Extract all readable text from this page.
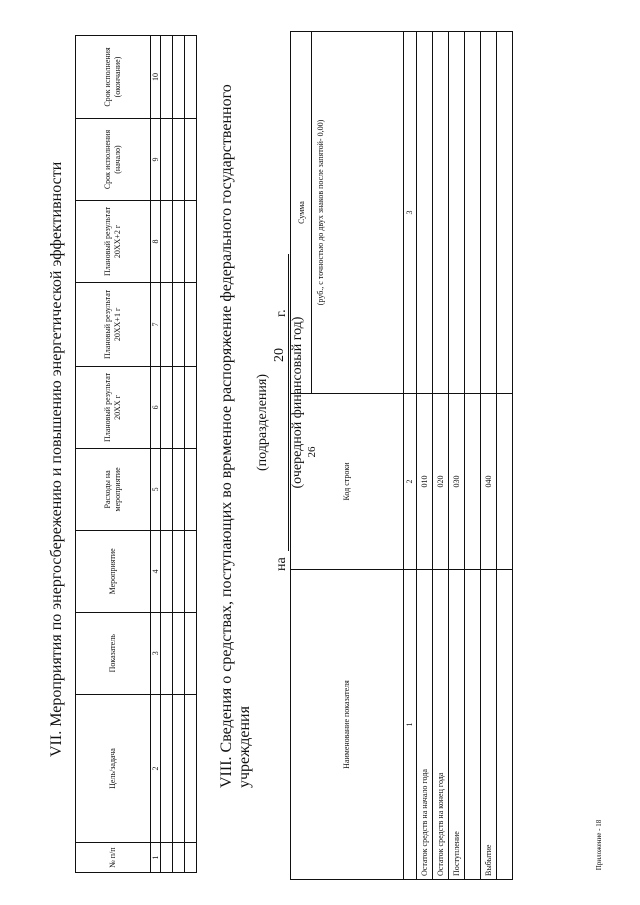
26
Приложение - 18
VII. Мероприятия по энергосбережению и повышению энергетической эффективности
№ п/п	Цель/задача	Показатель	Мероприятие	Расходы на мероприятие	Плановый результат 20XX г	Плановый результат 20XX+1 г	Плановый результат 20XX+2 г	Срок исполнения (начало)	Срок исполнения (окончание)
1	2	3	4	5	6	7	8	9	10

VIII. Сведения о средствах, поступающих во временное распоряжение федерального государственного учреждения
(подразделения)
на
20
г.
(очередной финансовый год)
Наименование показателя	Код строки	Сумма (руб., с точностью до двух знаков после запятой- 0,00)

1	2	3
Остаток средств на начало года	010	
Остаток средств на конец года	020	
Поступление	030	

Выбытие	040	
